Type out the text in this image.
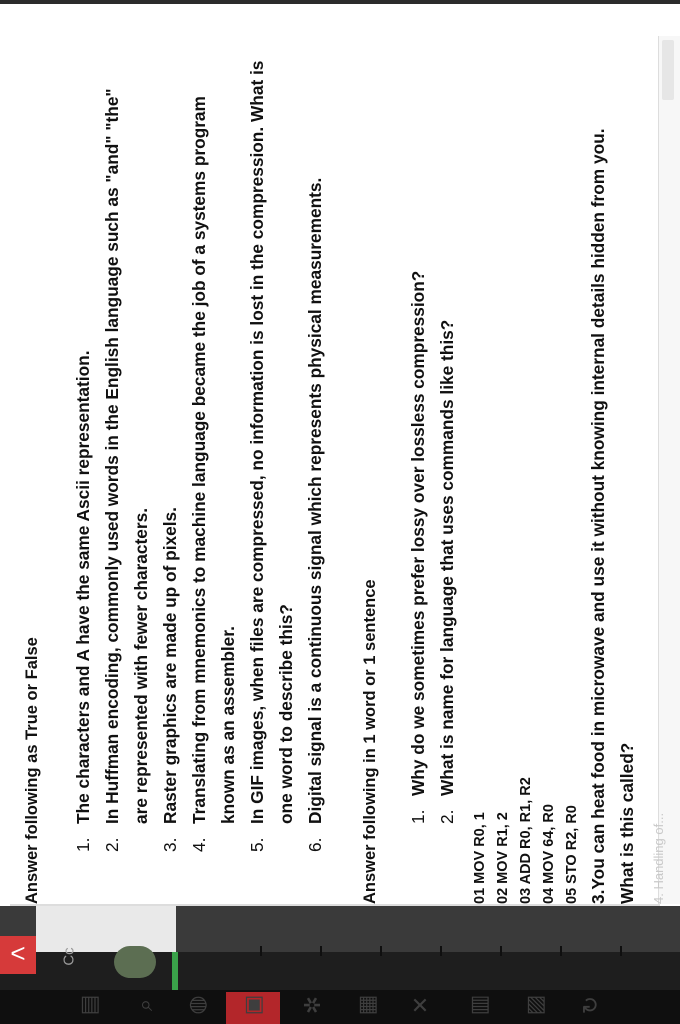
Answer following as True or False	1.The characters and A have the same Ascii representation.
2.In Huffman encoding, commonly used words in the English language such as "and" "the" are represented with fewer characters.
3.Raster graphics are made up of pixels.
4.Translating from mnemonics to machine language became the job of a systems program known as an assembler.
5.In GIF images, when files are compressed, no information is lost in the compression. What is one word to describe this?
6.Digital signal is a continuous signal which represents physical measurements.	Answer following in 1 word or 1 sentence	1.Why do we sometimes prefer lossy over lossless compression?
2.What is name for language that uses commands like this?
01 MOV R0, 1 02 MOV R1, 2 03 ADD R0, R1, R2 04 MOV 64, R0 05 STO R2, R0 3.You can heat food in microwave and use it without knowing internal details hidden from you. What is this called?	4. Handling of...
<	Cc
▤ ⌕ ◍ ▣ ✲ ▦ ✕ ▥ ▨ ↻
